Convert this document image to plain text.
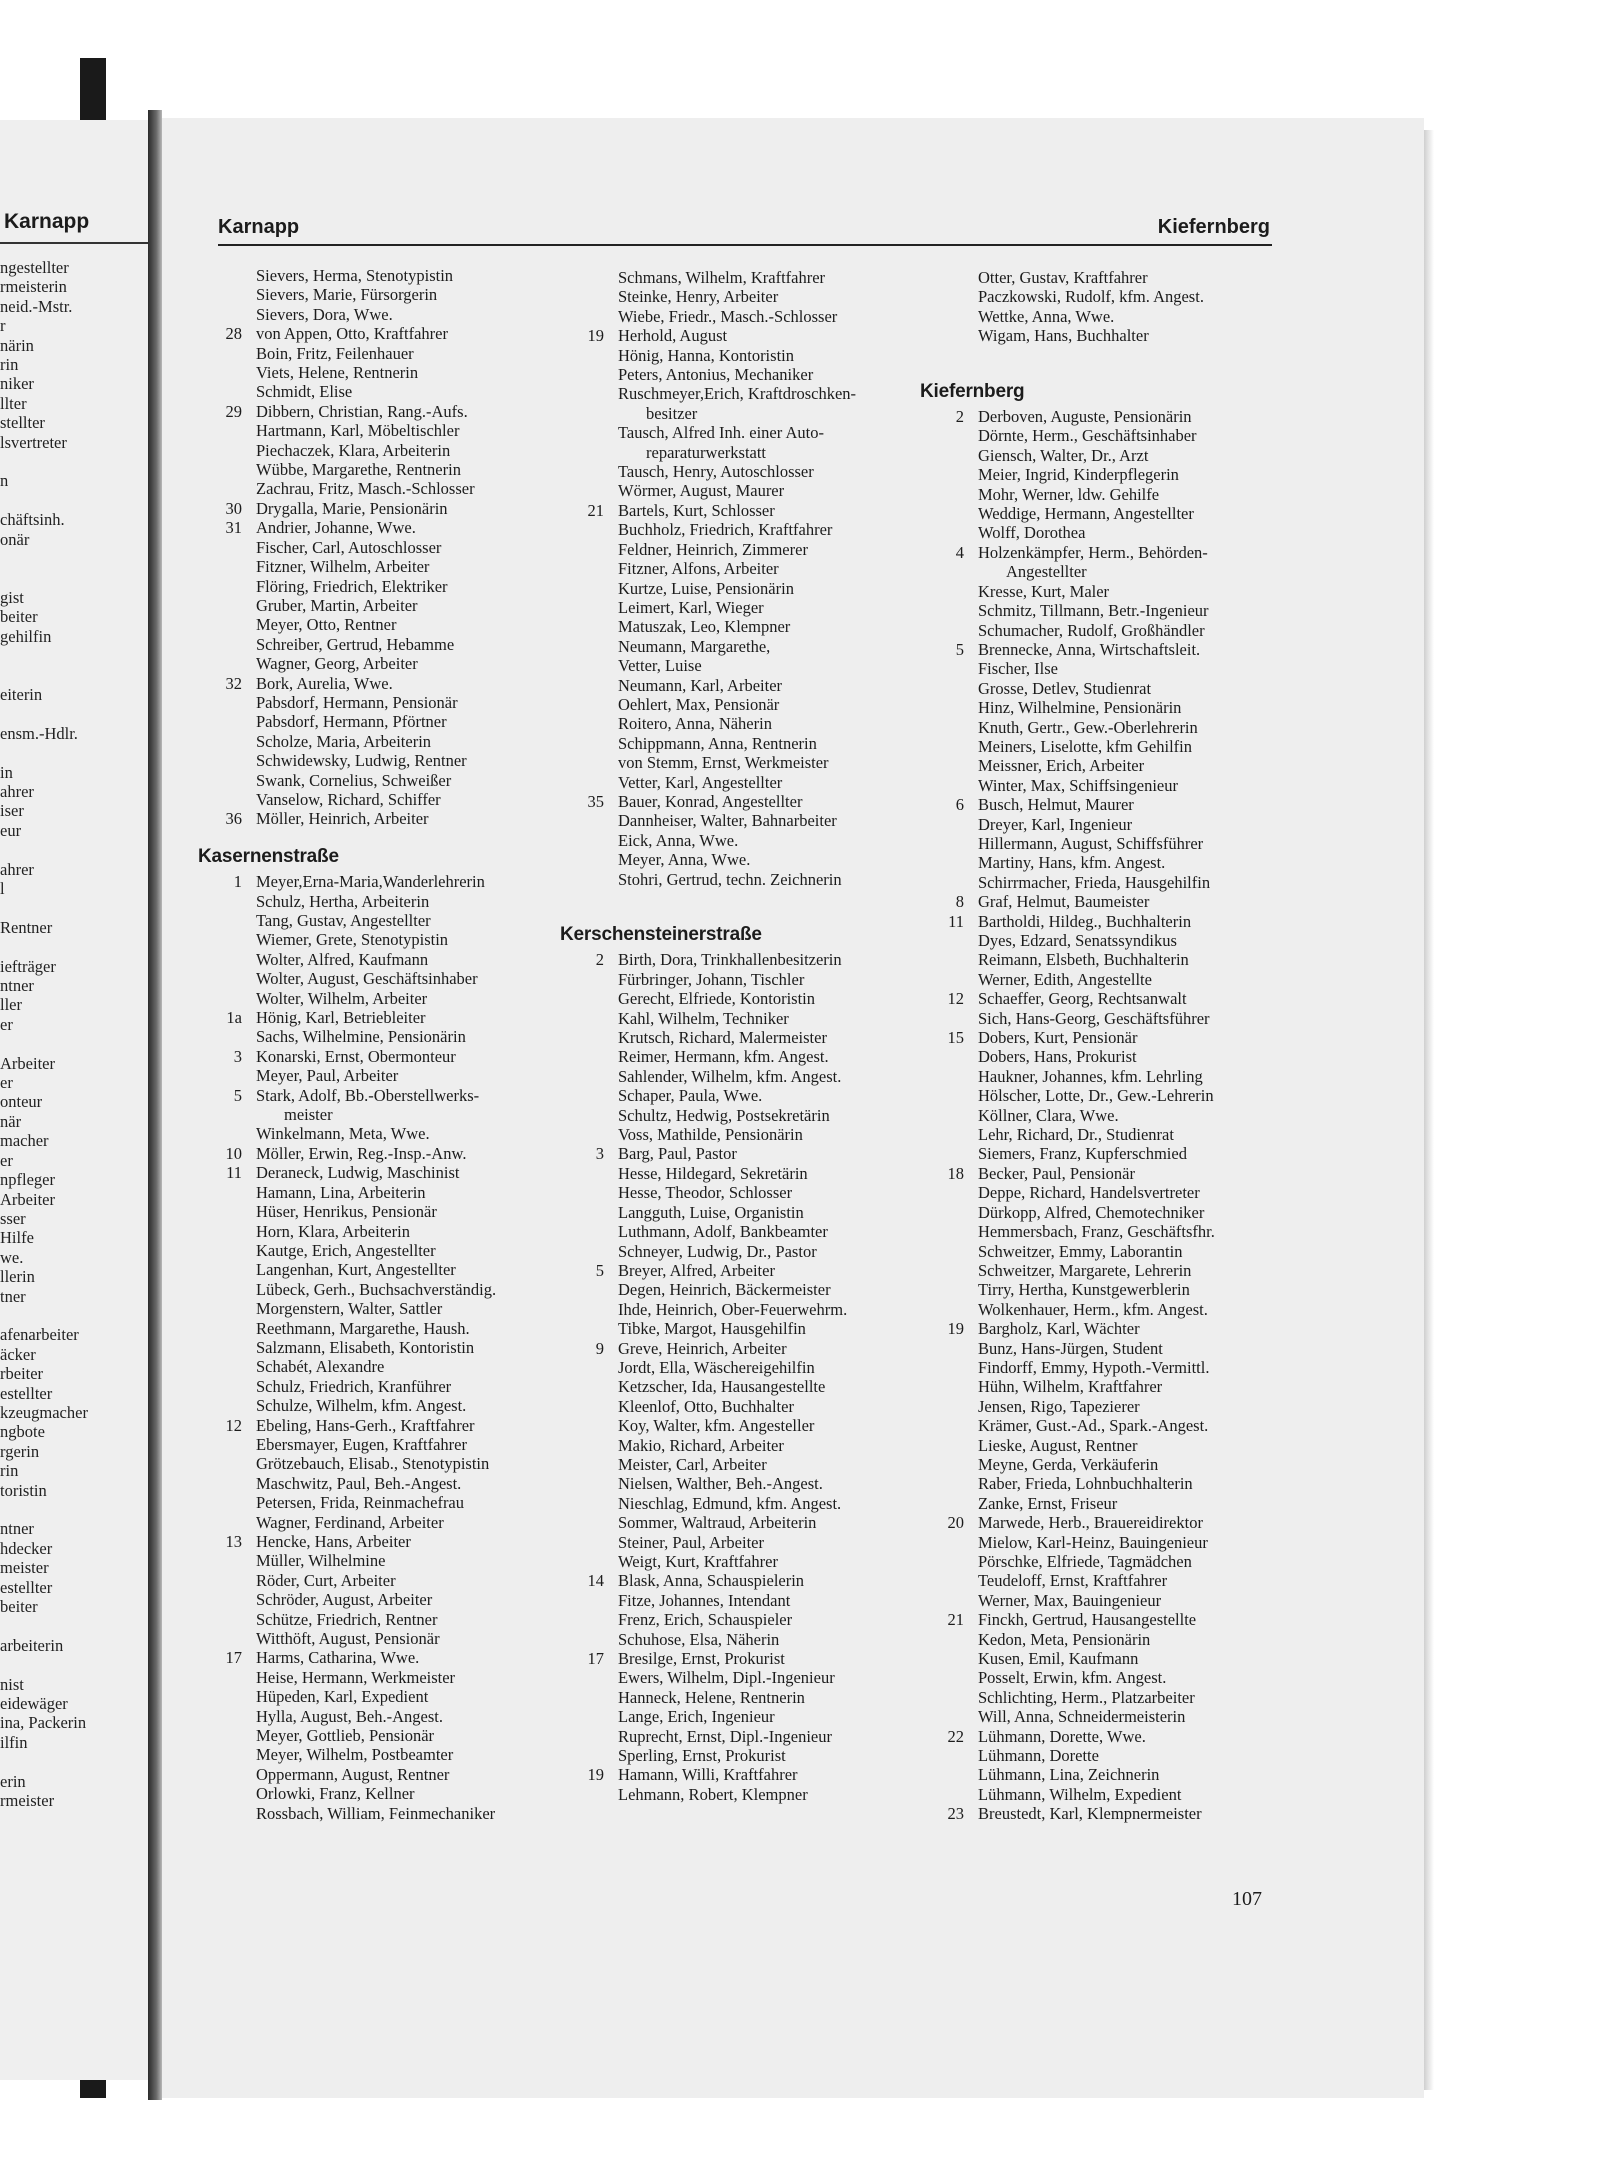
Karnapp
ngestellter
rmeisterin
neid.-Mstr.
r
närin
rin
niker
llter
stellter
lsvertreter

n

chäftsinh.
onär

gist
beiter
gehilfin

eiterin

ensm.-Hdlr.

in
ahrer
iser
eur

ahrer
l

Rentner

iefträger
ntner
ller
er

Arbeiter
er
onteur
när
macher
er
npfleger
Arbeiter
sser
Hilfe
we.
llerin
tner

afenarbeiter
äcker
rbeiter
estellter
kzeugmacher
ngbote
rgerin
rin
toristin

ntner
hdecker
meister
estellter
beiter

arbeiterin

nist
eidewäger
ina, Packerin
ilfin

erin
rmeister
Karnapp	Kiefernberg
Sievers, Herma, Stenotypistin
Sievers, Marie, Fürsorgerin
Sievers, Dora, Wwe.
28 von Appen, Otto, Kraftfahrer
Boin, Fritz, Feilenhauer
Viets, Helene, Rentnerin
Schmidt, Elise
29 Dibbern, Christian, Rang.-Aufs.
Hartmann, Karl, Möbeltischler
Piechaczek, Klara, Arbeiterin
Wübbe, Margarethe, Rentnerin
Zachrau, Fritz, Masch.-Schlosser
30 Drygalla, Marie, Pensionärin
31 Andrier, Johanne, Wwe.
Fischer, Carl, Autoschlosser
Fitzner, Wilhelm, Arbeiter
Flöring, Friedrich, Elektriker
Gruber, Martin, Arbeiter
Meyer, Otto, Rentner
Schreiber, Gertrud, Hebamme
Wagner, Georg, Arbeiter
32 Bork, Aurelia, Wwe.
Pabsdorf, Hermann, Pensionär
Pabsdorf, Hermann, Pförtner
Scholze, Maria, Arbeiterin
Schwidewsky, Ludwig, Rentner
Swank, Cornelius, Schweißer
Vanselow, Richard, Schiffer
36 Möller, Heinrich, Arbeiter
Kasernenstraße
1 Meyer,Erna-Maria,Wanderlehrerin
Schulz, Hertha, Arbeiterin
Tang, Gustav, Angestellter
Wiemer, Grete, Stenotypistin
Wolter, Alfred, Kaufmann
Wolter, August, Geschäftsinhaber
Wolter, Wilhelm, Arbeiter
1a Hönig, Karl, Betriebleiter
Sachs, Wilhelmine, Pensionärin
3 Konarski, Ernst, Obermonteur
Meyer, Paul, Arbeiter
5 Stark, Adolf, Bb.-Oberstellwerks-
meister
Winkelmann, Meta, Wwe.
10 Möller, Erwin, Reg.-Insp.-Anw.
11 Deraneck, Ludwig, Maschinist
Hamann, Lina, Arbeiterin
Hüser, Henrikus, Pensionär
Horn, Klara, Arbeiterin
Kautge, Erich, Angestellter
Langenhan, Kurt, Angestellter
Lübeck, Gerh., Buchsachverständig.
Morgenstern, Walter, Sattler
Reethmann, Margarethe, Haush.
Salzmann, Elisabeth, Kontoristin
Schabét, Alexandre
Schulz, Friedrich, Kranführer
Schulze, Wilhelm, kfm. Angest.
12 Ebeling, Hans-Gerh., Kraftfahrer
Ebersmayer, Eugen, Kraftfahrer
Grötzebauch, Elisab., Stenotypistin
Maschwitz, Paul, Beh.-Angest.
Petersen, Frida, Reinmachefrau
Wagner, Ferdinand, Arbeiter
13 Hencke, Hans, Arbeiter
Müller, Wilhelmine
Röder, Curt, Arbeiter
Schröder, August, Arbeiter
Schütze, Friedrich, Rentner
Witthöft, August, Pensionär
17 Harms, Catharina, Wwe.
Heise, Hermann, Werkmeister
Hüpeden, Karl, Expedient
Hylla, August, Beh.-Angest.
Meyer, Gottlieb, Pensionär
Meyer, Wilhelm, Postbeamter
Oppermann, August, Rentner
Orlowki, Franz, Kellner
Rossbach, William, Feinmechaniker
Schmans, Wilhelm, Kraftfahrer
Steinke, Henry, Arbeiter
Wiebe, Friedr., Masch.-Schlosser
19 Herhold, August
Hönig, Hanna, Kontoristin
Peters, Antonius, Mechaniker
Ruschmeyer,Erich, Kraftdroschken-
besitzer
Tausch, Alfred Inh. einer Auto-
reparaturwerkstatt
Tausch, Henry, Autoschlosser
Wörmer, August, Maurer
21 Bartels, Kurt, Schlosser
Buchholz, Friedrich, Kraftfahrer
Feldner, Heinrich, Zimmerer
Fitzner, Alfons, Arbeiter
Kurtze, Luise, Pensionärin
Leimert, Karl, Wieger
Matuszak, Leo, Klempner
Neumann, Margarethe,
Vetter, Luise
Neumann, Karl, Arbeiter
Oehlert, Max, Pensionär
Roitero, Anna, Näherin
Schippmann, Anna, Rentnerin
von Stemm, Ernst, Werkmeister
Vetter, Karl, Angestellter
35 Bauer, Konrad, Angestellter
Dannheiser, Walter, Bahnarbeiter
Eick, Anna, Wwe.
Meyer, Anna, Wwe.
Stohri, Gertrud, techn. Zeichnerin
Kerschensteinerstraße
2 Birth, Dora, Trinkhallenbesitzerin
Fürbringer, Johann, Tischler
Gerecht, Elfriede, Kontoristin
Kahl, Wilhelm, Techniker
Krutsch, Richard, Malermeister
Reimer, Hermann, kfm. Angest.
Sahlender, Wilhelm, kfm. Angest.
Schaper, Paula, Wwe.
Schultz, Hedwig, Postsekretärin
Voss, Mathilde, Pensionärin
3 Barg, Paul, Pastor
Hesse, Hildegard, Sekretärin
Hesse, Theodor, Schlosser
Langguth, Luise, Organistin
Luthmann, Adolf, Bankbeamter
Schneyer, Ludwig, Dr., Pastor
5 Breyer, Alfred, Arbeiter
Degen, Heinrich, Bäckermeister
Ihde, Heinrich, Ober-Feuerwehrm.
Tibke, Margot, Hausgehilfin
9 Greve, Heinrich, Arbeiter
Jordt, Ella, Wäschereigehilfin
Ketzscher, Ida, Hausangestellte
Kleenlof, Otto, Buchhalter
Koy, Walter, kfm. Angesteller
Makio, Richard, Arbeiter
Meister, Carl, Arbeiter
Nielsen, Walther, Beh.-Angest.
Nieschlag, Edmund, kfm. Angest.
Sommer, Waltraud, Arbeiterin
Steiner, Paul, Arbeiter
Weigt, Kurt, Kraftfahrer
14 Blask, Anna, Schauspielerin
Fitze, Johannes, Intendant
Frenz, Erich, Schauspieler
Schuhose, Elsa, Näherin
17 Bresilge, Ernst, Prokurist
Ewers, Wilhelm, Dipl.-Ingenieur
Hanneck, Helene, Rentnerin
Lange, Erich, Ingenieur
Ruprecht, Ernst, Dipl.-Ingenieur
Sperling, Ernst, Prokurist
19 Hamann, Willi, Kraftfahrer
Lehmann, Robert, Klempner
Otter, Gustav, Kraftfahrer
Paczkowski, Rudolf, kfm. Angest.
Wettke, Anna, Wwe.
Wigam, Hans, Buchhalter
Kiefernberg
2 Derboven, Auguste, Pensionärin
Dörnte, Herm., Geschäftsinhaber
Giensch, Walter, Dr., Arzt
Meier, Ingrid, Kinderpflegerin
Mohr, Werner, ldw. Gehilfe
Weddige, Hermann, Angestellter
Wolff, Dorothea
4 Holzenkämpfer, Herm., Behörden-
Angestellter
Kresse, Kurt, Maler
Schmitz, Tillmann, Betr.-Ingenieur
Schumacher, Rudolf, Großhändler
5 Brennecke, Anna, Wirtschaftsleit.
Fischer, Ilse
Grosse, Detlev, Studienrat
Hinz, Wilhelmine, Pensionärin
Knuth, Gertr., Gew.-Oberlehrerin
Meiners, Liselotte, kfm Gehilfin
Meissner, Erich, Arbeiter
Winter, Max, Schiffsingenieur
6 Busch, Helmut, Maurer
Dreyer, Karl, Ingenieur
Hillermann, August, Schiffsführer
Martiny, Hans, kfm. Angest.
Schirrmacher, Frieda, Hausgehilfin
8 Graf, Helmut, Baumeister
11 Bartholdi, Hildeg., Buchhalterin
Dyes, Edzard, Senatssyndikus
Reimann, Elsbeth, Buchhalterin
Werner, Edith, Angestellte
12 Schaeffer, Georg, Rechtsanwalt
Sich, Hans-Georg, Geschäftsführer
15 Dobers, Kurt, Pensionär
Dobers, Hans, Prokurist
Haukner, Johannes, kfm. Lehrling
Hölscher, Lotte, Dr., Gew.-Lehrerin
Köllner, Clara, Wwe.
Lehr, Richard, Dr., Studienrat
Siemers, Franz, Kupferschmied
18 Becker, Paul, Pensionär
Deppe, Richard, Handelsvertreter
Dürkopp, Alfred, Chemotechniker
Hemmersbach, Franz, Geschäftsfhr.
Schweitzer, Emmy, Laborantin
Schweitzer, Margarete, Lehrerin
Tirry, Hertha, Kunstgewerblerin
Wolkenhauer, Herm., kfm. Angest.
19 Bargholz, Karl, Wächter
Bunz, Hans-Jürgen, Student
Findorff, Emmy, Hypoth.-Vermittl.
Hühn, Wilhelm, Kraftfahrer
Jensen, Rigo, Tapezierer
Krämer, Gust.-Ad., Spark.-Angest.
Lieske, August, Rentner
Meyne, Gerda, Verkäuferin
Raber, Frieda, Lohnbuchhalterin
Zanke, Ernst, Friseur
20 Marwede, Herb., Brauereidirektor
Mielow, Karl-Heinz, Bauingenieur
Pörschke, Elfriede, Tagmädchen
Teudeloff, Ernst, Kraftfahrer
Werner, Max, Bauingenieur
21 Finckh, Gertrud, Hausangestellte
Kedon, Meta, Pensionärin
Kusen, Emil, Kaufmann
Posselt, Erwin, kfm. Angest.
Schlichting, Herm., Platzarbeiter
Will, Anna, Schneidermeisterin
22 Lühmann, Dorette, Wwe.
Lühmann, Dorette
Lühmann, Lina, Zeichnerin
Lühmann, Wilhelm, Expedient
23 Breustedt, Karl, Klempnermeister
107
